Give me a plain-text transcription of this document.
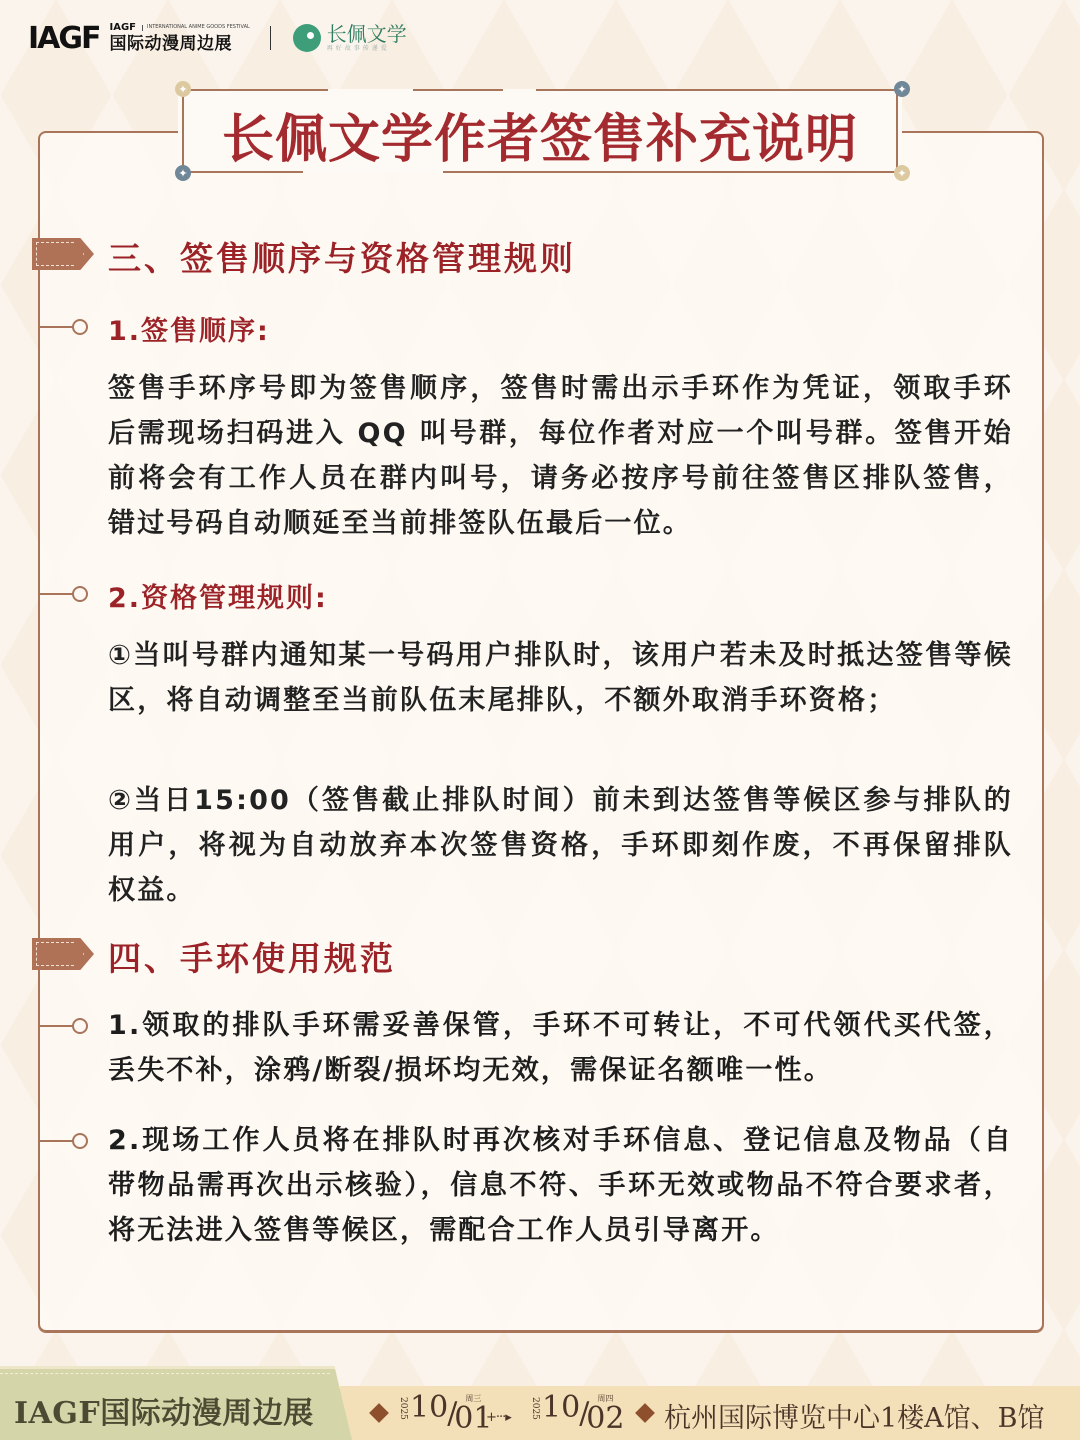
IAGF IAGF	INTERNATIONAL ANIME GOODS FESTIVAL
国际动漫周边展	长佩文学
再好故事传递爱
✦	✦
✦	✦
长佩文学作者签售补充说明
三、签售顺序与资格管理规则
1.签售顺序:
签售手环序号即为签售顺序，签售时需出示手环作为凭证，领取手环后需现场扫码进入 QQ 叫号群，每位作者对应一个叫号群。签售开始前将会有工作人员在群内叫号，请务必按序号前往签售区排队签售，错过号码自动顺延至当前排签队伍最后一位。
2.资格管理规则:
①当叫号群内通知某一号码用户排队时，该用户若未及时抵达签售等候区，将自动调整至当前队伍末尾排队，不额外取消手环资格；
②当日15:00（签售截止排队时间）前未到达签售等候区参与排队的用户，将视为自动放弃本次签售资格，手环即刻作废，不再保留排队权益。
四、手环使用规范
1.领取的排队手环需妥善保管，手环不可转让，不可代领代买代签，丢失不补，涂鸦/断裂/损坏均无效，需保证名额唯一性。
2.现场工作人员将在排队时再次核对手环信息、登记信息及物品（自带物品需再次出示核验），信息不符、手环无效或物品不符合要求者，将无法进入签售等候区，需配合工作人员引导离开。
IAGF国际动漫周边展	2025 10 / 周三
01
+···▸ 2025 10 / 周四
02 杭州国际博览中心1楼A馆、B馆
